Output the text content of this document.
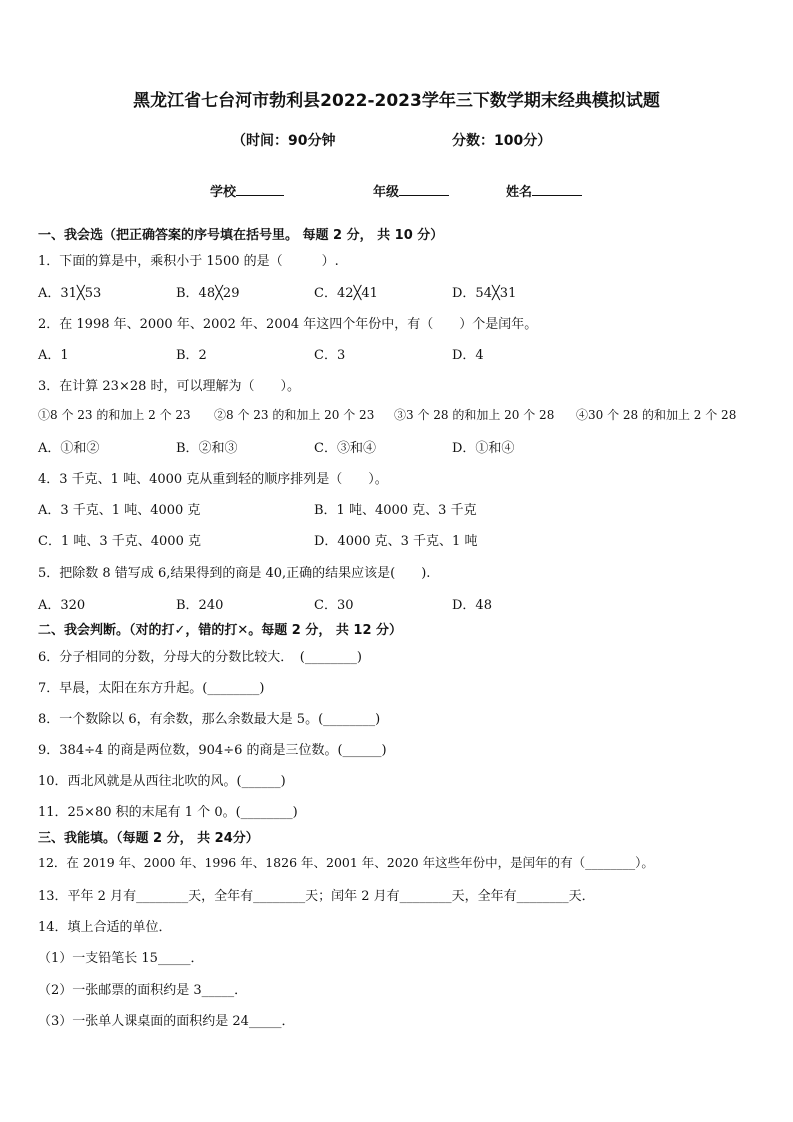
黑龙江省七台河市勃利县2022-2023学年三下数学期末经典模拟试题
（时间：90分钟	分数：100分）
学校	年级	姓名
一、我会选（把正确答案的序号填在括号里。 每题 2 分， 共 10 分）
1．下面的算是中，乘积小于 1500 的是（　　　）.
A．31╳53	B．48╳29	C．42╳41	D．54╳31
2．在 1998 年、2000 年、2002 年、2004 年这四个年份中，有（　　）个是闰年。
A．1	B．2	C．3	D．4
3．在计算 23×28 时，可以理解为（　　）。
①8 个 23 的和加上 2 个 23 ②8 个 23 的和加上 20 个 23 ③3 个 28 的和加上 20 个 28 ④30 个 28 的和加上 2 个 28
A．①和②	B．②和③	C．③和④	D．①和④
4．3 千克、1 吨、4000 克从重到轻的顺序排列是（　　）。
A．3 千克、1 吨、4000 克	B．1 吨、4000 克、3 千克
C．1 吨、3 千克、4000 克	D．4000 克、3 千克、1 吨
5．把除数 8 错写成 6,结果得到的商是 40,正确的结果应该是(　　).
A．320	B．240	C．30	D．48
二、我会判断。（对的打✓，错的打✕。每题 2 分， 共 12 分）
6．分子相同的分数，分母大的分数比较大．　(________)
7．早晨，太阳在东方升起。(________)
8．一个数除以 6，有余数，那么余数最大是 5。(________)
9．384÷4 的商是两位数，904÷6 的商是三位数。(______)
10．西北风就是从西往北吹的风。(______)
11．25×80 积的末尾有 1 个 0。(________)
三、我能填。（每题 2 分， 共 24分）
12．在 2019 年、2000 年、1996 年、1826 年、2001 年、2020 年这些年份中，是闰年的有（________）。
13．平年 2 月有________天，全年有________天；闰年 2 月有________天，全年有________天．
14．填上合适的单位．
（1）一支铅笔长 15_____．
（2）一张邮票的面积约是 3_____．
（3）一张单人课桌面的面积约是 24_____．
